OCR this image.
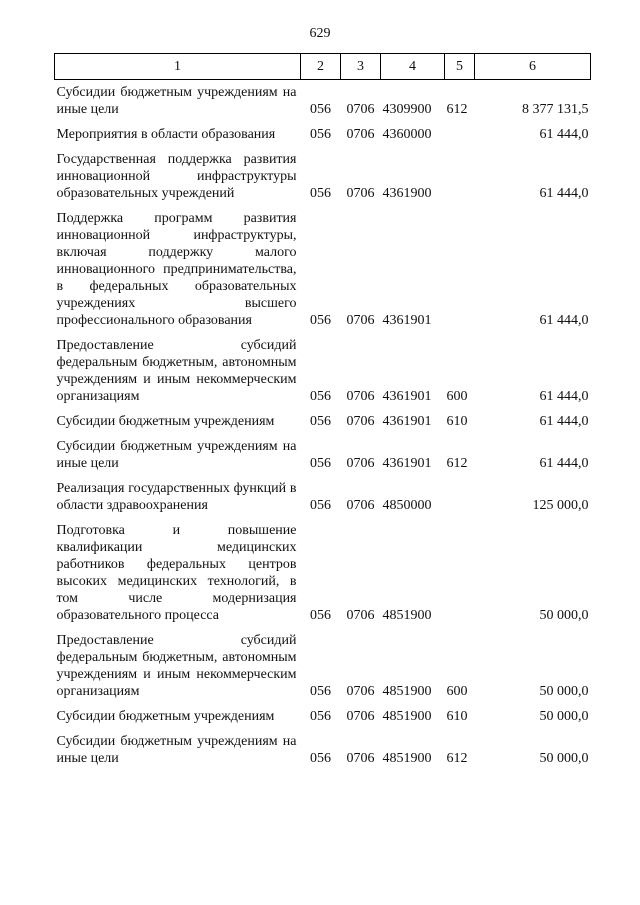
629
1	2	3	4	5	6

Субсидии бюджетным учреждениям на иные цели	056	0706	4309900	612	8 377 131,5

Мероприятия в области образования	056	0706	4360000		61 444,0

Государственная поддержка развития инновационной инфраструктуры образовательных учреждений	056	0706	4361900		61 444,0

Поддержка программ развития инновационной инфраструктуры, включая поддержку малого инновационного предпринимательства, в федеральных образовательных учреждениях высшего профессионального образования	056	0706	4361901		61 444,0

Предоставление субсидий федеральным бюджетным, автономным учреждениям и иным некоммерческим организациям	056	0706	4361901	600	61 444,0

Субсидии бюджетным учреждениям	056	0706	4361901	610	61 444,0

Субсидии бюджетным учреждениям на иные цели	056	0706	4361901	612	61 444,0

Реализация государственных функций в области здравоохранения	056	0706	4850000		125 000,0

Подготовка и повышение квалификации медицинских работников федеральных центров высоких медицинских технологий, в том числе модернизация образовательного процесса	056	0706	4851900		50 000,0

Предоставление субсидий федеральным бюджетным, автономным учреждениям и иным некоммерческим организациям	056	0706	4851900	600	50 000,0

Субсидии бюджетным учреждениям	056	0706	4851900	610	50 000,0

Субсидии бюджетным учреждениям на иные цели	056	0706	4851900	612	50 000,0
